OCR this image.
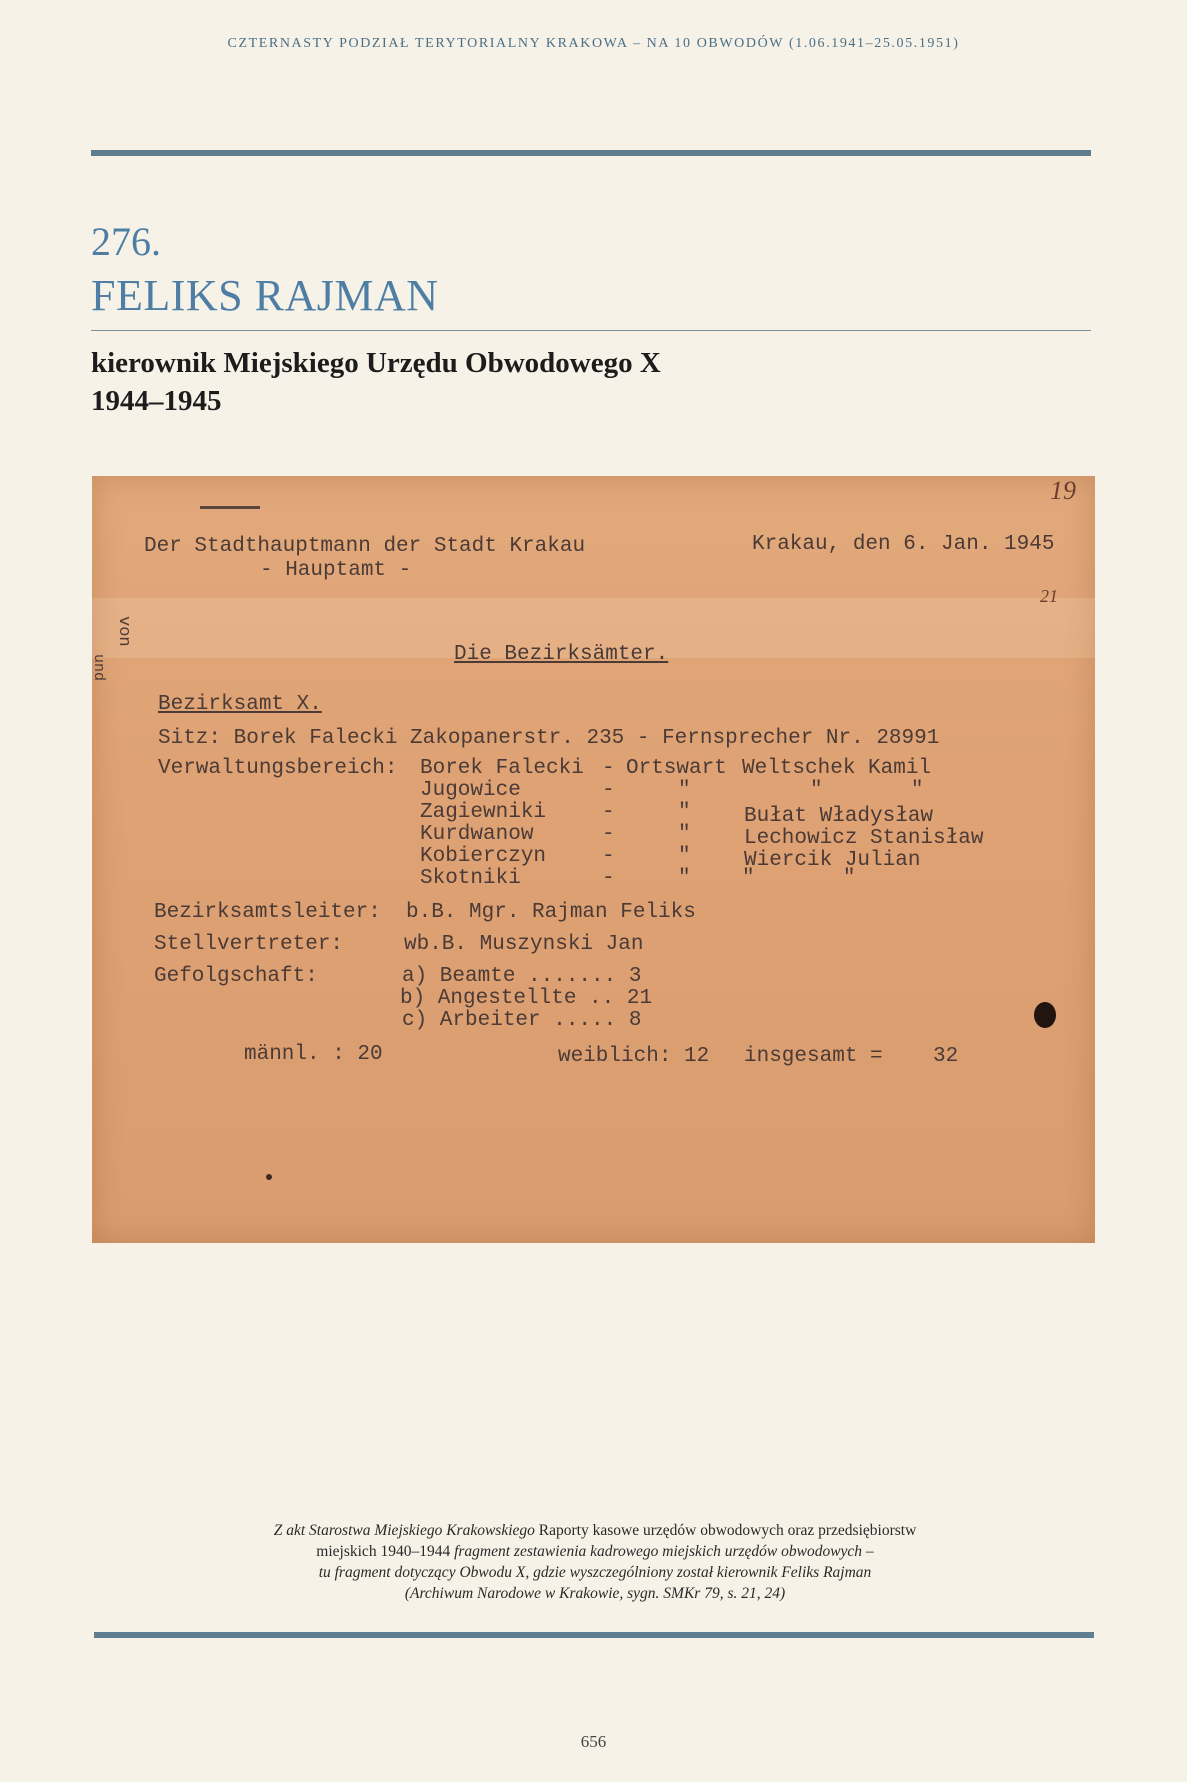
CZTERNASTY PODZIAŁ TERYTORIALNY KRAKOWA – NA 10 OBWODÓW (1.06.1941–25.05.1951)
276.
FELIKS RAJMAN
kierownik Miejskiego Urzędu Obwodowego X
1944–1945
19
21
Der Stadthauptmann der Stadt Krakau
- Hauptamt -
Krakau, den 6. Jan. 1945
von
und	Die Bezirksämter.
Bezirksamt X.
Sitz: Borek Falecki Zakopanerstr. 235 - Fernsprecher Nr. 28991
Verwaltungsbereich: Borek Falecki - Ortswart Weltschek Kamil
Jugowice	-	"	"       "
Zagiewniki	-	"	Bułat Władysław
Kurdwanow	-	"	Lechowicz Stanisław
Kobierczyn	-	"	Wiercik Julian
Skotniki	-	" "       "
Bezirksamtsleiter: b.B. Mgr. Rajman Feliks
Stellvertreter:	wb.B. Muszynski Jan
Gefolgschaft:	a) Beamte ....... 3
b) Angestellte .. 21
c) Arbeiter ..... 8
männl. : 20	weiblich: 12 insgesamt =    32
Z akt Starostwa Miejskiego Krakowskiego Raporty kasowe urzędów obwodowych oraz przedsiębiorstw
miejskich 1940–1944 fragment zestawienia kadrowego miejskich urzędów obwodowych –
tu fragment dotyczący Obwodu X, gdzie wyszczególniony został kierownik Feliks Rajman
(Archiwum Narodowe w Krakowie, sygn. SMKr 79, s. 21, 24)
656
